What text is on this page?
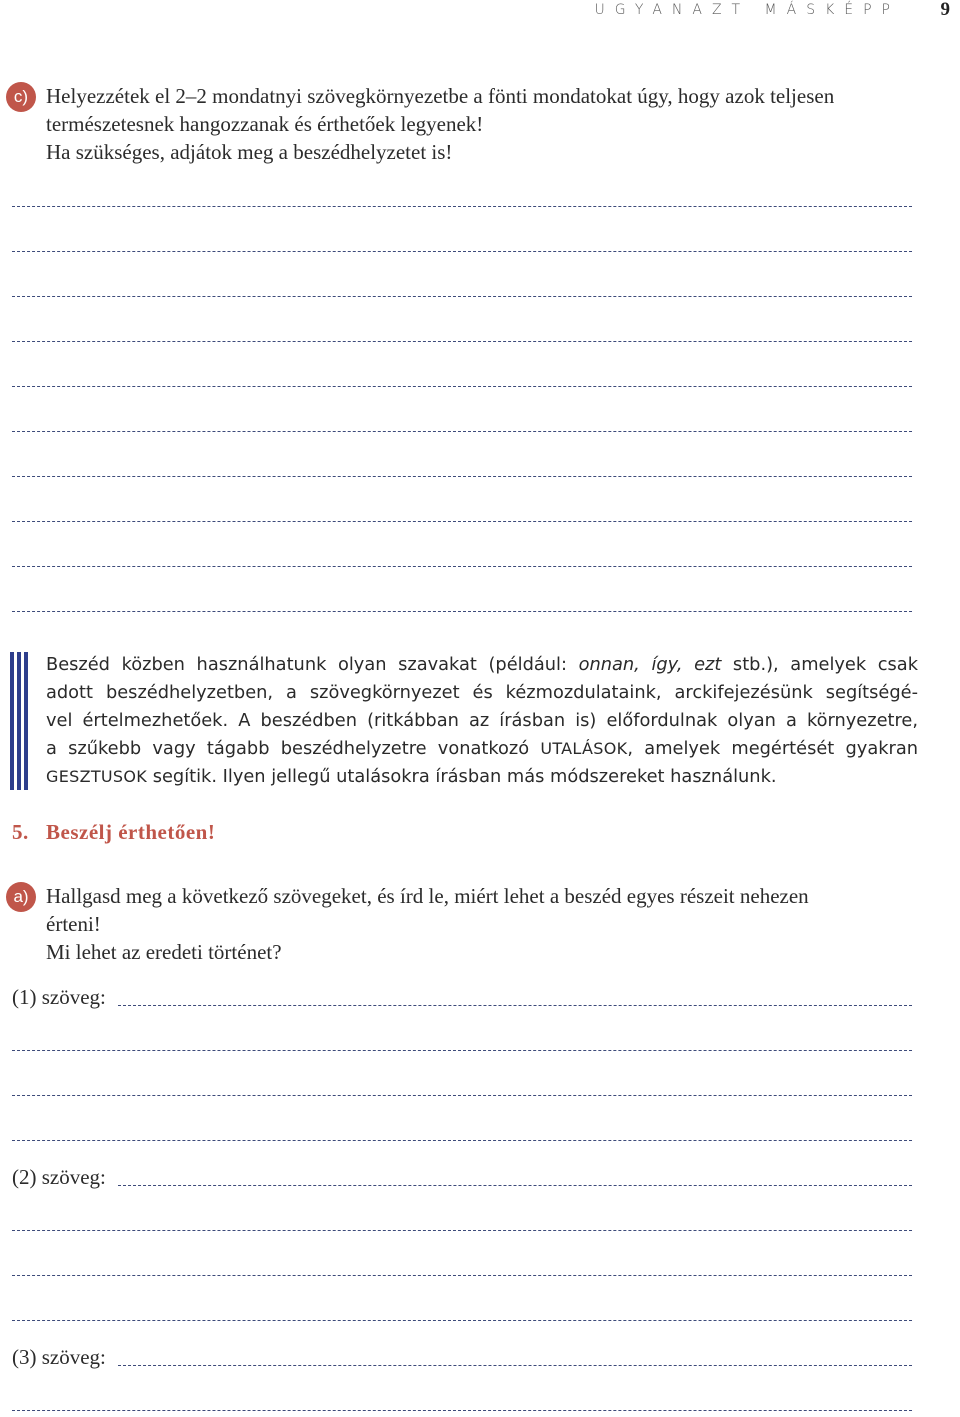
UGYANAZT MÁSKÉPP 9
c) Helyezzétek el 2–2 mondatnyi szövegkörnyezetbe a fönti mondatokat úgy, hogy azok teljesen
természetesnek hangozzanak és érthetőek legyenek!
Ha szükséges, adjátok meg a beszédhelyzetet is!
Beszéd közben használhatunk olyan szavakat (például: onnan, így, ezt stb.), amelyek csak
adott beszédhelyzetben, a szövegkörnyezet és kézmozdulataink, arckifejezésünk segítségé-
vel értelmezhetőek. A beszédben (ritkábban az írásban is) előfordulnak olyan a környezetre,
a szűkebb vagy tágabb beszédhelyzetre vonatkozó UTALÁSOK, amelyek megértését gyakran
GESZTUSOK segítik. Ilyen jellegű utalásokra írásban más módszereket használunk.
5. Beszélj érthetően!
a) Hallgasd meg a következő szövegeket, és írd le, miért lehet a beszéd egyes részeit nehezen
érteni!
Mi lehet az eredeti történet?
(1) szöveg:
(2) szöveg:
(3) szöveg:
